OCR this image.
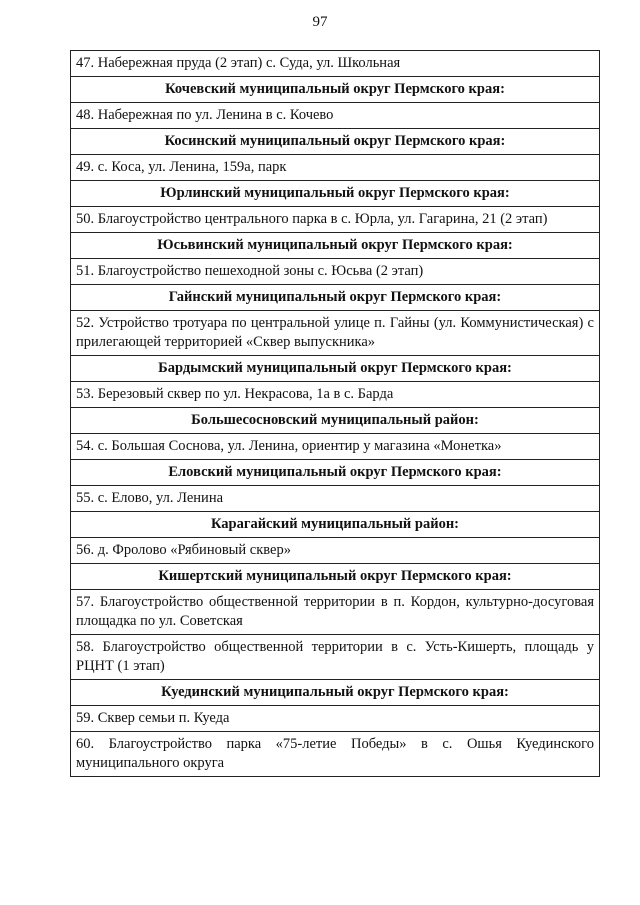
97
47. Набережная пруда (2 этап) с. Суда, ул. Школьная
Кочевский муниципальный округ Пермского края:
48. Набережная по ул. Ленина в с. Кочево
Косинский муниципальный округ Пермского края:
49. с. Коса, ул. Ленина, 159а, парк
Юрлинский муниципальный округ Пермского края:
50. Благоустройство центрального парка в с. Юрла, ул. Гагарина, 21 (2 этап)
Юсьвинский муниципальный округ Пермского края:
51. Благоустройство пешеходной зоны с. Юсьва (2 этап)
Гайнский муниципальный округ Пермского края:
52. Устройство тротуара по центральной улице п. Гайны (ул. Коммунистическая) с прилегающей территорией «Сквер выпускника»
Бардымский муниципальный округ Пермского края:
53. Березовый сквер по ул. Некрасова, 1а в с. Барда
Большесосновский муниципальный район:
54. с. Большая Соснова, ул. Ленина, ориентир у магазина «Монетка»
Еловский муниципальный округ Пермского края:
55. с. Елово, ул. Ленина
Карагайский муниципальный район:
56. д. Фролово «Рябиновый сквер»
Кишертский муниципальный округ Пермского края:
57. Благоустройство общественной территории в п. Кордон, культурно-досуговая площадка по ул. Советская
58. Благоустройство общественной территории в с. Усть-Кишерть, площадь у РЦНТ (1 этап)
Куединский муниципальный округ Пермского края:
59. Сквер семьи п. Куеда
60. Благоустройство парка «75-летие Победы» в с. Ошья Куединского муниципального округа
